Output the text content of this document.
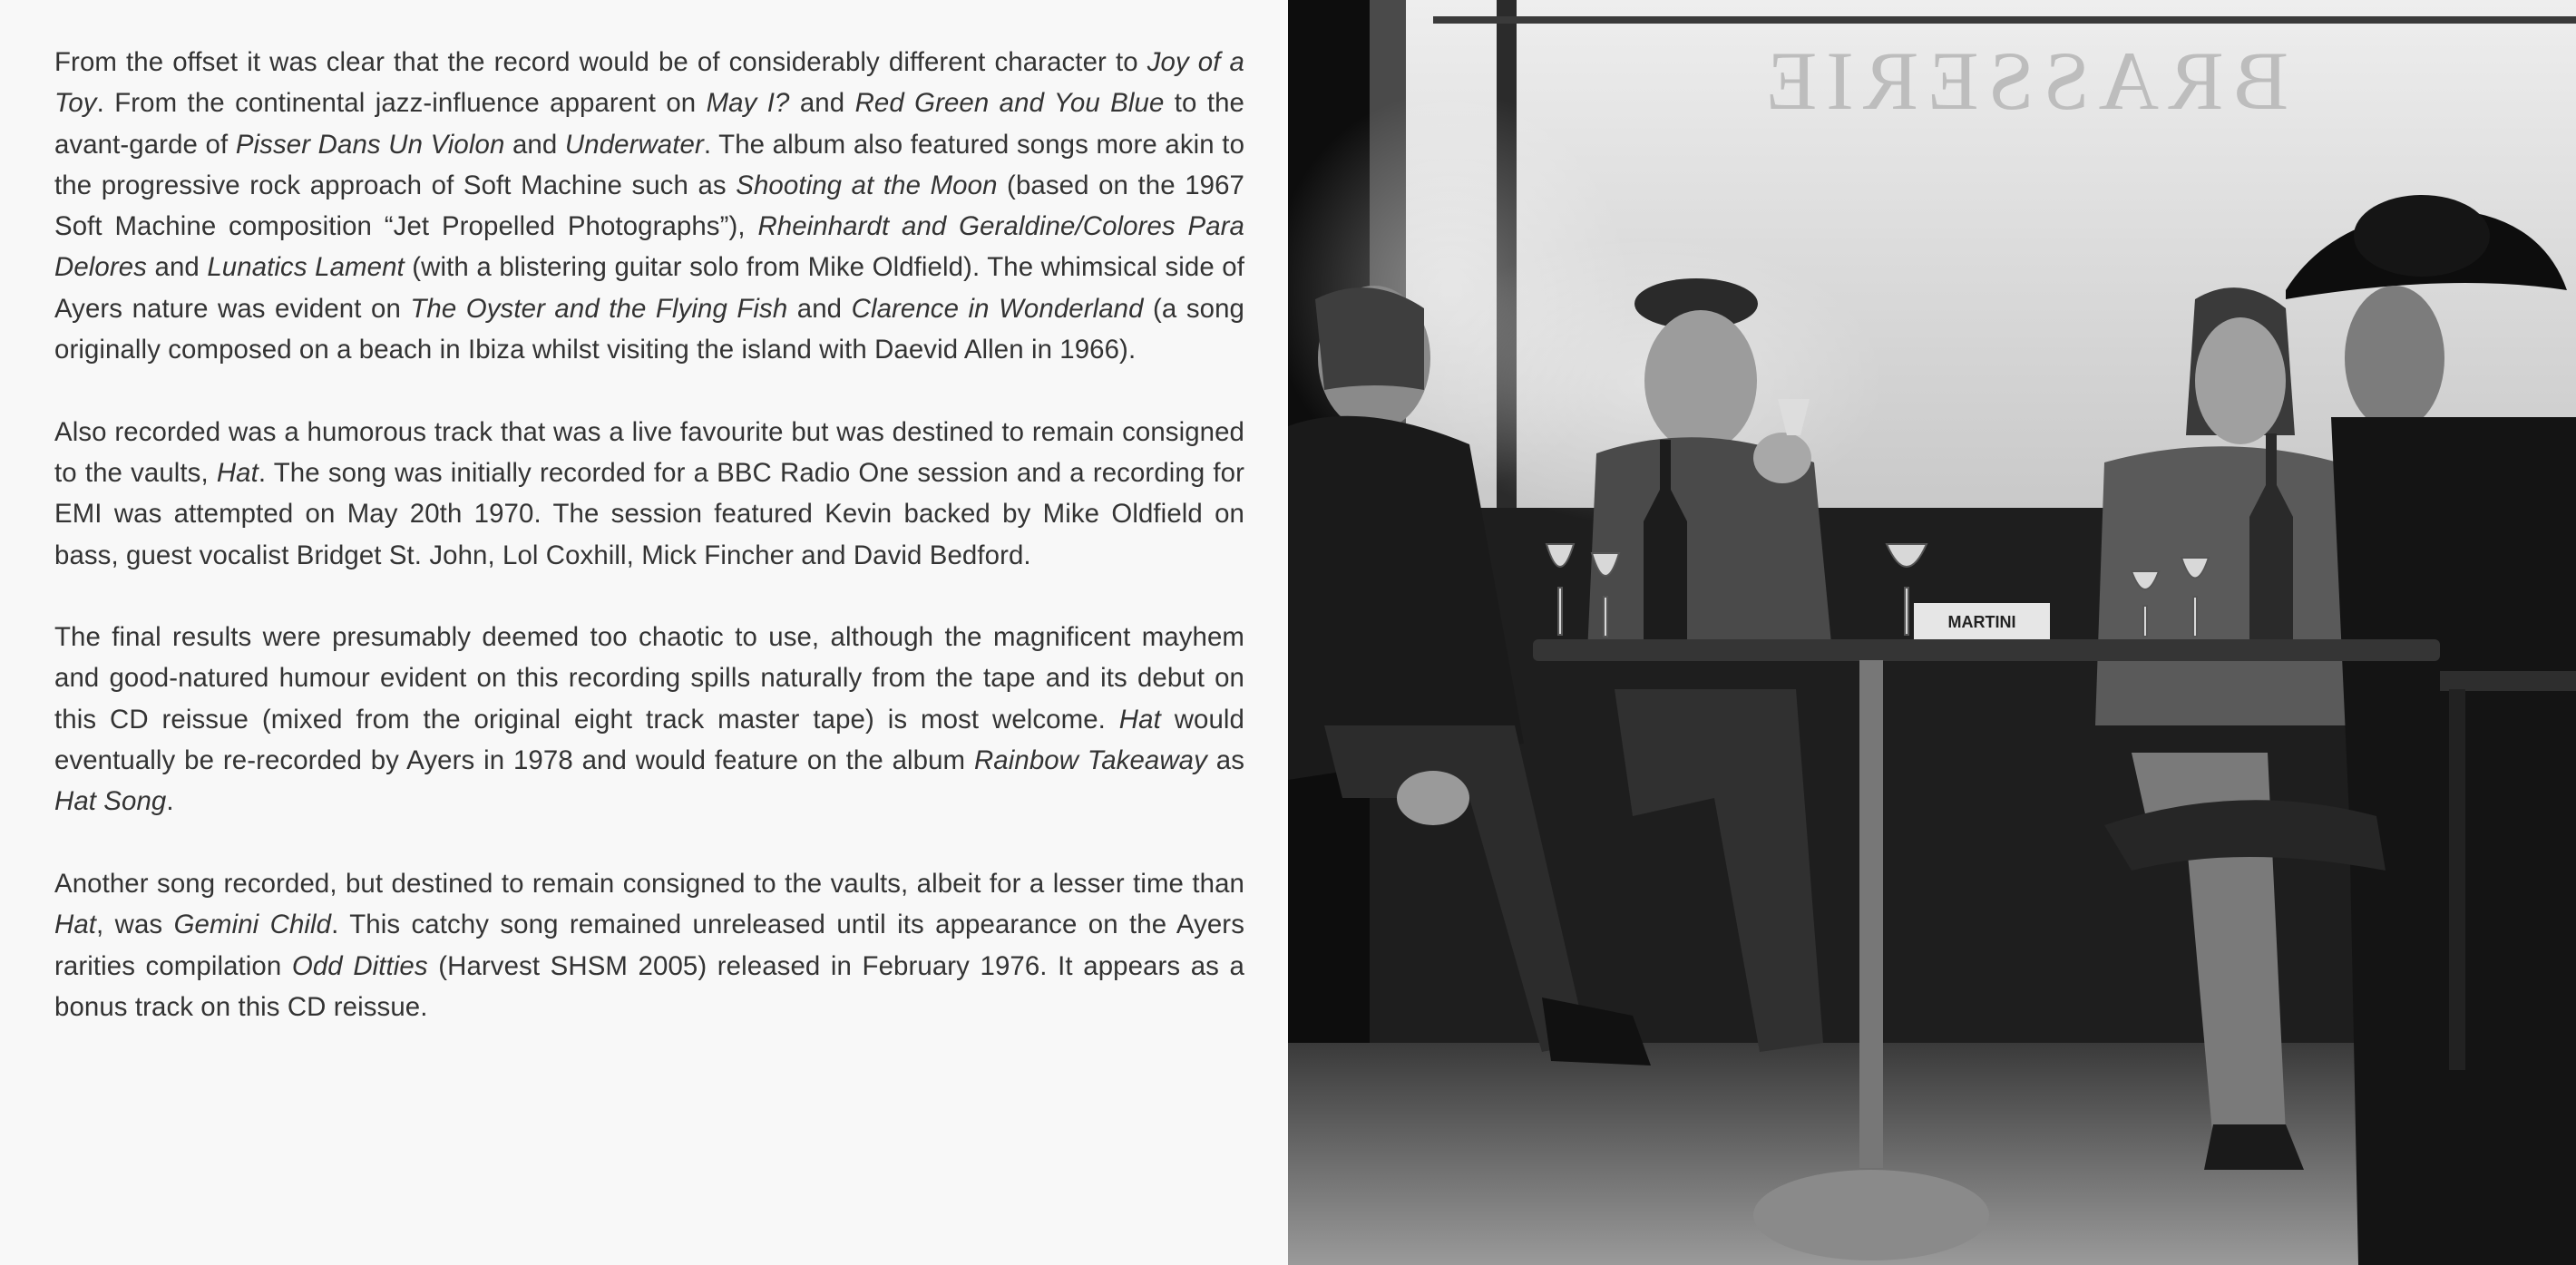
From the offset it was clear that the record would be of considerably different character to Joy of a Toy. From the continental jazz-influence apparent on May I? and Red Green and You Blue to the avant-garde of Pisser Dans Un Violon and Underwater. The album also featured songs more akin to the progressive rock approach of Soft Machine such as Shooting at the Moon (based on the 1967 Soft Machine composition “Jet Propelled Photographs”), Rheinhardt and Geraldine/Colores Para Delores and Lunatics Lament (with a blistering guitar solo from Mike Oldfield). The whimsical side of Ayers nature was evident on The Oyster and the Flying Fish and Clarence in Wonderland (a song originally composed on a beach in Ibiza whilst visiting the island with Daevid Allen in 1966).

Also recorded was a humorous track that was a live favourite but was destined to remain consigned to the vaults, Hat. The song was initially recorded for a BBC Radio One session and a recording for EMI was attempted on May 20th 1970. The session featured Kevin backed by Mike Oldfield on bass, guest vocalist Bridget St. John, Lol Coxhill, Mick Fincher and David Bedford.

The final results were presumably deemed too chaotic to use, although the magnificent mayhem and good-natured humour evident on this recording spills naturally from the tape and its debut on this CD reissue (mixed from the original eight track master tape) is most welcome. Hat would eventually be re-recorded by Ayers in 1978 and would feature on the album Rainbow Takeaway as Hat Song.

Another song recorded, but destined to remain consigned to the vaults, albeit for a lesser time than Hat, was Gemini Child. This catchy song remained unreleased until its appearance on the Ayers rarities compilation Odd Ditties (Harvest SHSM 2005) released in February 1976. It appears as a bonus track on this CD reissue.

BRASSERIE
MARTINI
